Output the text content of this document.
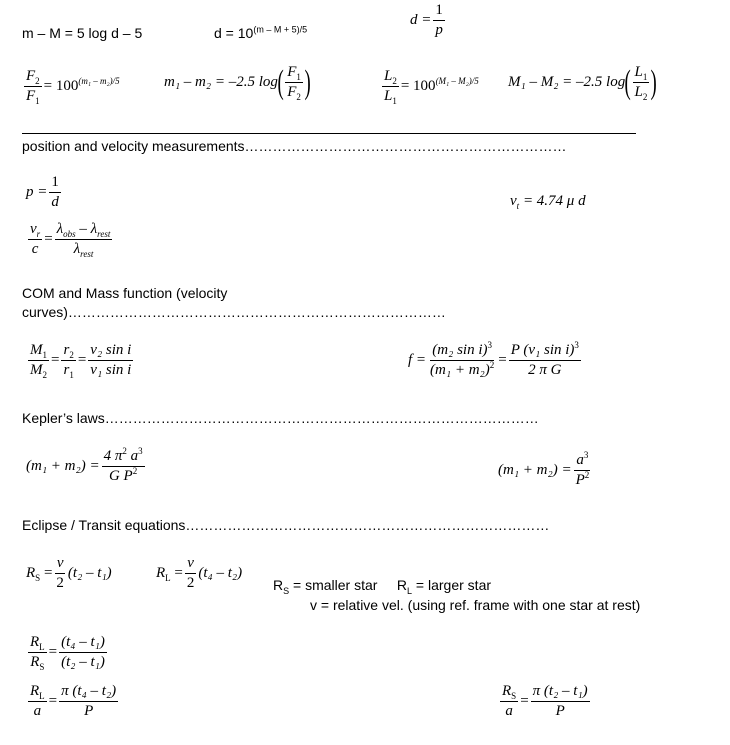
m – M = 5 log d – 5	$d = 10^{(m - M + 5)/5}$
$d = \frac{1}{p}$
$\frac{F_2}{F_1} = 100^{(m_1 - m_2)/5}$	m₁ – m₂ = –2.5 log ( $\frac{F_1}{F_2}$ )	$\frac{L_2}{L_1} = 100^{(M_1 - M_2)/5}$ M₁ – M₂ = –2.5 log ( $\frac{L_1}{L_2}$ )
position and velocity measurements……………………………………………………………
$p = \frac{1}{d}$	$v_t = 4.74$ μ d
$\frac{v_r}{c} = \frac{\lambda_{obs} - \lambda_{rest}}{\lambda_{rest}}$
COM and Mass function (velocity
curves)………………………………………………………………………
$\frac{M_1}{M_2} = \frac{r_2}{r_1} = \frac{\text{v₂ sin i}}{\text{v₁ sin i}}$	$f = \frac{(m_2 \sin i)^3}{(m_1 + m_2)^2} = \frac{P (v_1 \sin i)^3}{\text{2 π G}}$
Kepler’s laws…………………………………………………………………………………
$(m_1 + m_2) = \frac{4 \pi^2 a^3}{G P^2}$	$(m_1 + m_2) = \frac{a^3}{P^2}$
Eclipse / Transit equations……………………………………………………………………
$R_S = \frac{v}{2} (t_2 - t_1)$	$R_L = \frac{v}{2} (t_4 - t_2)$
$R_S$ = smaller star $R_L$ = larger star
v = relative vel. (using ref. frame with one star at rest)
$\frac{R_L}{R_S} = \frac{\text{(t₄ – t₁)}}{\text{(t₂ – t₁)}}$
$\frac{R_L}{a} = \frac{\text{π (t₄ – t₂)}}{P}$	$\frac{R_S}{a} = \frac{\text{π (t₂ – t₁)}}{P}$
